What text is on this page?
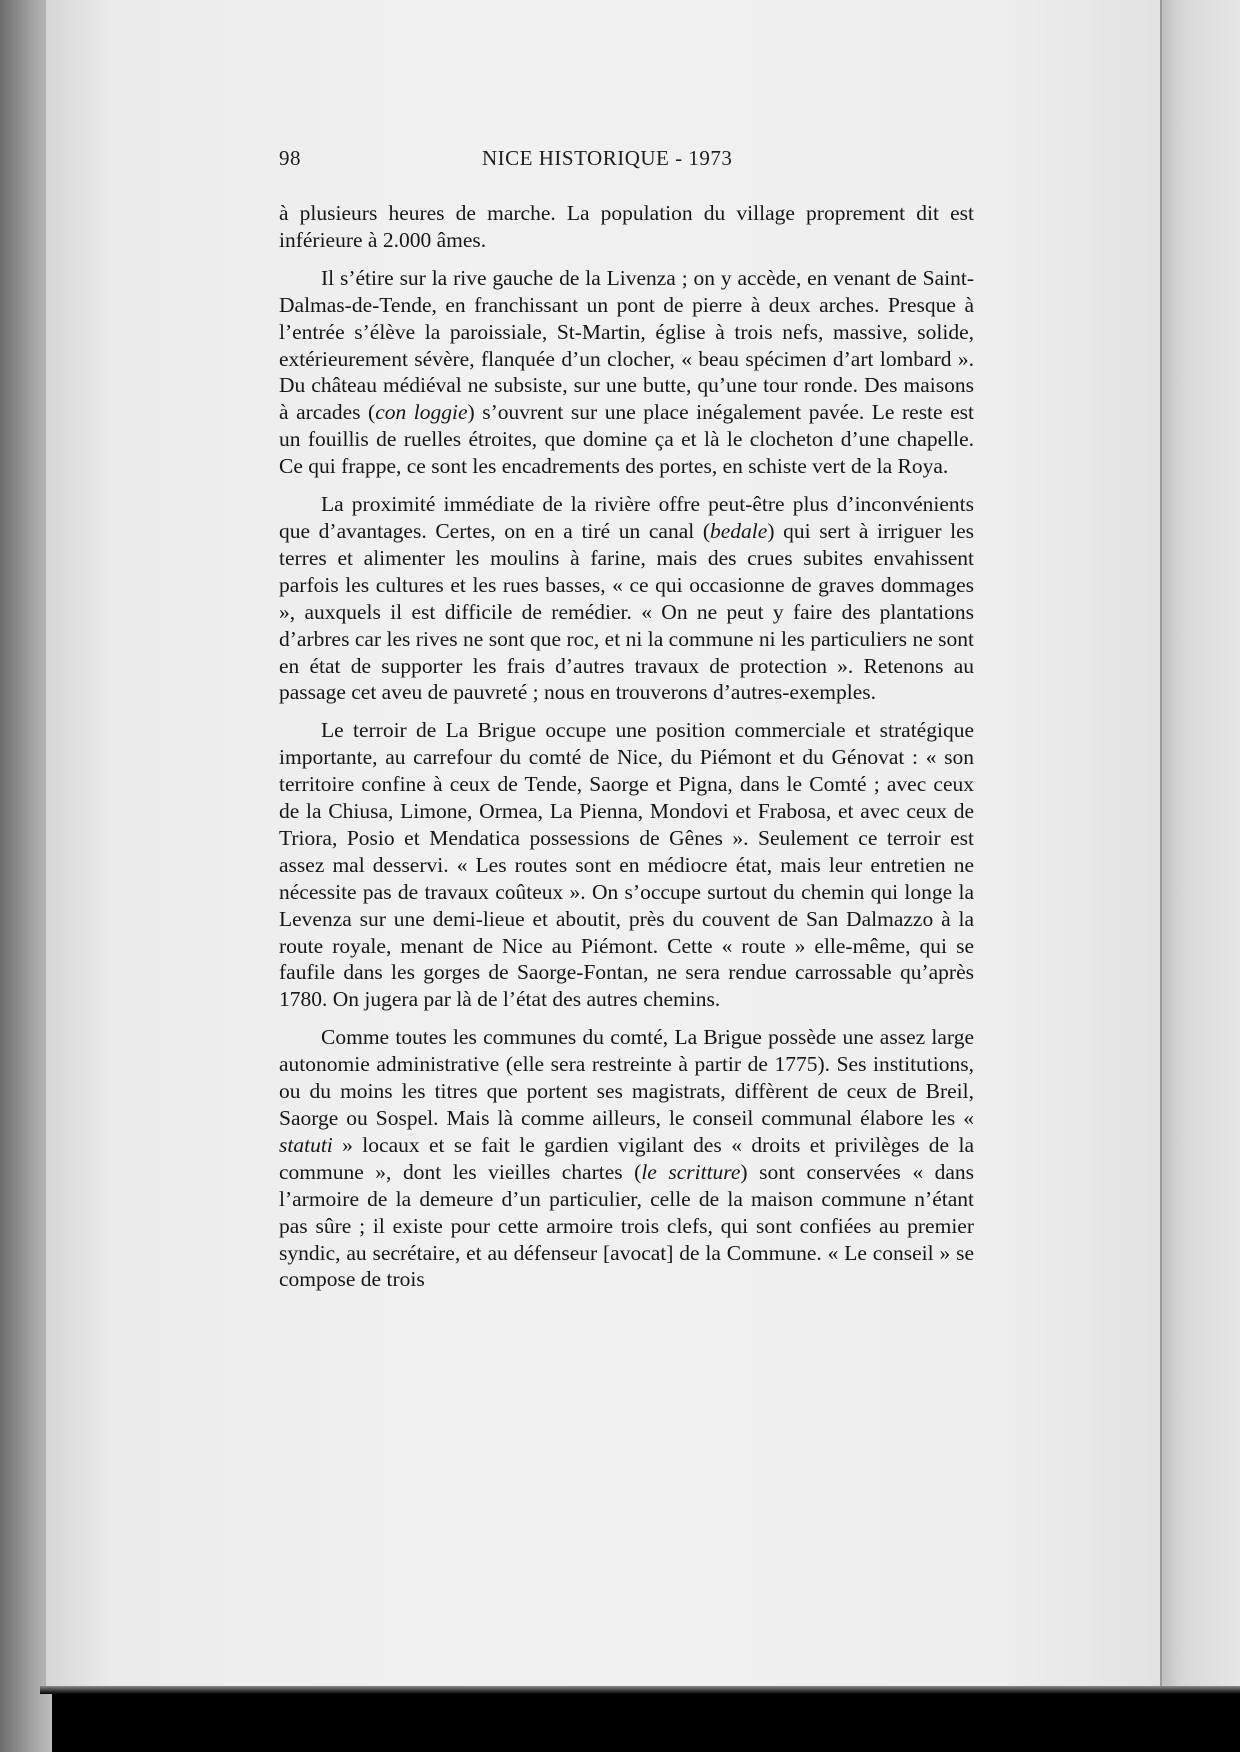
98	NICE HISTORIQUE - 1973

à plusieurs heures de marche. La population du village proprement dit est inférieure à 2.000 âmes.

Il s’étire sur la rive gauche de la Livenza ; on y accède, en venant de Saint-Dalmas-de-Tende, en franchissant un pont de pierre à deux arches. Presque à l’entrée s’élève la paroissiale, St-Martin, église à trois nefs, massive, solide, extérieurement sévère, flanquée d’un clocher, « beau spécimen d’art lombard ». Du château médiéval ne subsiste, sur une butte, qu’une tour ronde. Des maisons à arcades (con loggie) s’ouvrent sur une place inégalement pavée. Le reste est un fouillis de ruelles étroites, que domine ça et là le clocheton d’une chapelle. Ce qui frappe, ce sont les encadrements des portes, en schiste vert de la Roya.

La proximité immédiate de la rivière offre peut-être plus d’inconvénients que d’avantages. Certes, on en a tiré un canal (bedale) qui sert à irriguer les terres et alimenter les moulins à farine, mais des crues subites envahissent parfois les cultures et les rues basses, « ce qui occasionne de graves dommages », auxquels il est difficile de remédier. « On ne peut y faire des plantations d’arbres car les rives ne sont que roc, et ni la commune ni les particuliers ne sont en état de supporter les frais d’autres travaux de protection ». Retenons au passage cet aveu de pauvreté ; nous en trouverons d’autres-exemples.

Le terroir de La Brigue occupe une position commerciale et stratégique importante, au carrefour du comté de Nice, du Piémont et du Génovat : « son territoire confine à ceux de Tende, Saorge et Pigna, dans le Comté ; avec ceux de la Chiusa, Limone, Ormea, La Pienna, Mondovi et Frabosa, et avec ceux de Triora, Posio et Mendatica possessions de Gênes ». Seulement ce terroir est assez mal desservi. « Les routes sont en médiocre état, mais leur entretien ne nécessite pas de travaux coûteux ». On s’occupe surtout du chemin qui longe la Levenza sur une demi-lieue et aboutit, près du couvent de San Dalmazzo à la route royale, menant de Nice au Piémont. Cette « route » elle-même, qui se faufile dans les gorges de Saorge-Fontan, ne sera rendue carrossable qu’après 1780. On jugera par là de l’état des autres chemins.

Comme toutes les communes du comté, La Brigue possède une assez large autonomie administrative (elle sera restreinte à partir de 1775). Ses institutions, ou du moins les titres que portent ses magistrats, diffèrent de ceux de Breil, Saorge ou Sospel. Mais là comme ailleurs, le conseil communal élabore les « statuti » locaux et se fait le gardien vigilant des « droits et privilèges de la commune », dont les vieilles chartes (le scritture) sont conservées « dans l’armoire de la demeure d’un particulier, celle de la maison commune n’étant pas sûre ; il existe pour cette armoire trois clefs, qui sont confiées au premier syndic, au secrétaire, et au défenseur [avocat] de la Commune. « Le conseil » se compose de trois
